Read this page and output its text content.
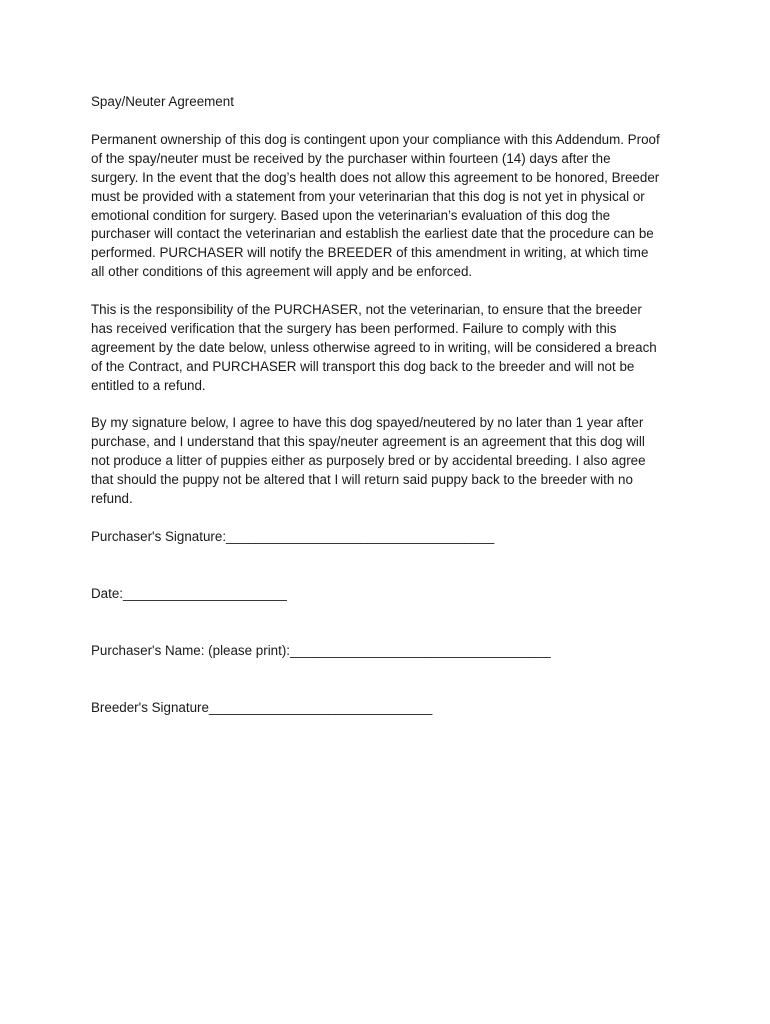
Spay/Neuter Agreement

Permanent ownership of this dog is contingent upon your compliance with this Addendum. Proof
of the spay/neuter must be received by the purchaser within fourteen (14) days after the
surgery. In the event that the dog’s health does not allow this agreement to be honored, Breeder
must be provided with a statement from your veterinarian that this dog is not yet in physical or
emotional condition for surgery. Based upon the veterinarian’s evaluation of this dog the
purchaser will contact the veterinarian and establish the earliest date that the procedure can be
performed. PURCHASER will notify the BREEDER of this amendment in writing, at which time
all other conditions of this agreement will apply and be enforced.

This is the responsibility of the PURCHASER, not the veterinarian, to ensure that the breeder
has received verification that the surgery has been performed. Failure to comply with this
agreement by the date below, unless otherwise agreed to in writing, will be considered a breach
of the Contract, and PURCHASER will transport this dog back to the breeder and will not be
entitled to a refund.

By my signature below, I agree to have this dog spayed/neutered by no later than 1 year after
purchase, and I understand that this spay/neuter agreement is an agreement that this dog will
not produce a litter of puppies either as purposely bred or by accidental breeding. I also agree
that should the puppy not be altered that I will return said puppy back to the breeder with no
refund.

Purchaser's Signature:____________________________________

Date:______________________

Purchaser's Name: (please print):___________________________________

Breeder's Signature______________________________
